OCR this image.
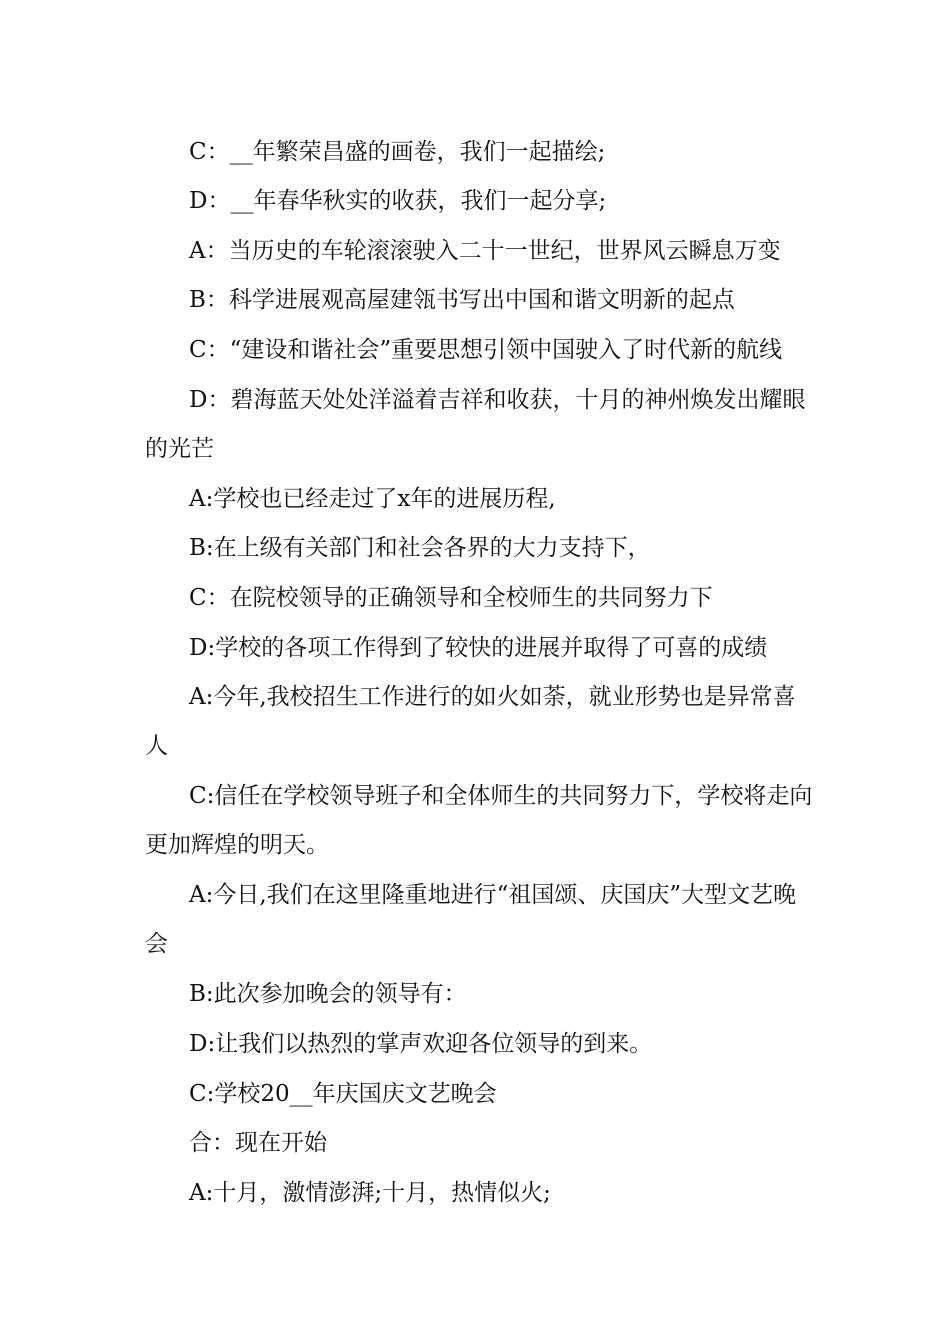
C：__年繁荣昌盛的画卷，我们一起描绘;

D：__年春华秋实的收获，我们一起分享;

A：当历史的车轮滚滚驶入二十一世纪，世界风云瞬息万变

B：科学进展观高屋建瓴书写出中国和谐文明新的起点

C：“建设和谐社会”重要思想引领中国驶入了时代新的航线

D：碧海蓝天处处洋溢着吉祥和收获，十月的神州焕发出耀眼的光芒

A:学校也已经走过了x年的进展历程,

B:在上级有关部门和社会各界的大力支持下，

C：在院校领导的正确领导和全校师生的共同努力下

D:学校的各项工作得到了较快的进展并取得了可喜的成绩

A:今年,我校招生工作进行的如火如荼，就业形势也是异常喜人

C:信任在学校领导班子和全体师生的共同努力下，学校将走向更加辉煌的明天。

A:今日,我们在这里隆重地进行“祖国颂、庆国庆”大型文艺晚会

B:此次参加晚会的领导有：

D:让我们以热烈的掌声欢迎各位领导的到来。

C:学校20__年庆国庆文艺晚会

合：现在开始

A:十月，激情澎湃;十月，热情似火;
